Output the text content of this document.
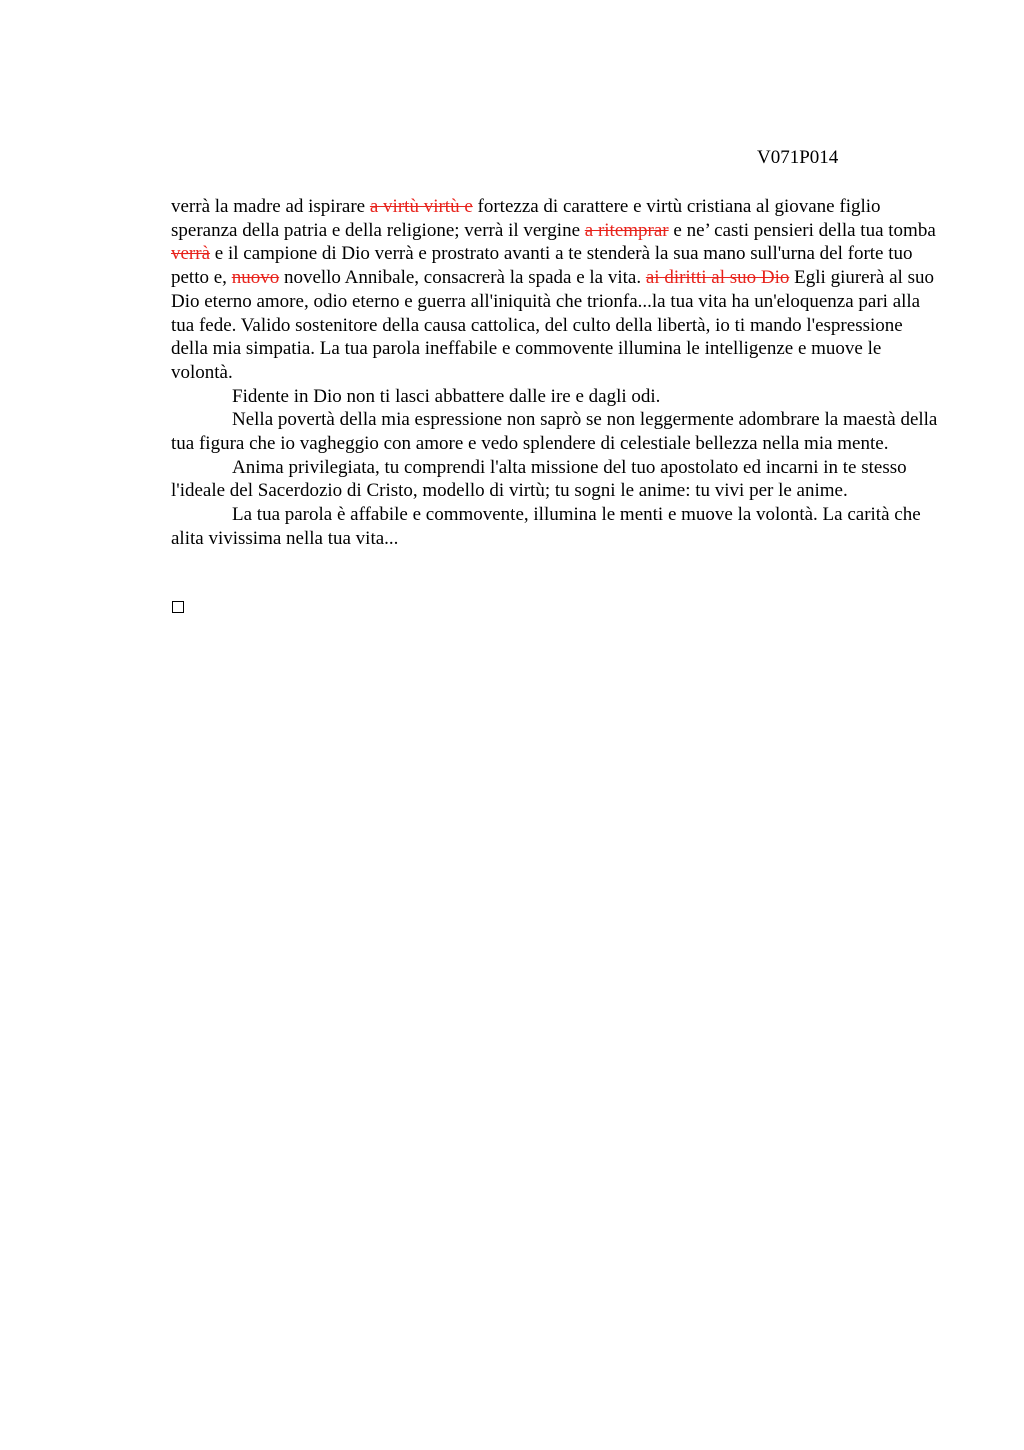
V071P014

verrà la madre ad ispirare a virtù virtù e fortezza di carattere e virtù cristiana al giovane figlio speranza della patria e della religione; verrà il vergine a ritemprar e ne’ casti pensieri della tua tomba verrà e il campione di Dio verrà e prostrato avanti a te stenderà la sua mano sull'urna del forte tuo petto e, nuovo novello Annibale, consacrerà la spada e la vita. ai diritti al suo Dio Egli giurerà al suo Dio eterno amore, odio eterno e guerra all'iniquità che trionfa...la tua vita ha un'eloquenza pari alla tua fede. Valido sostenitore della causa cattolica, del culto della libertà, io ti mando l'espressione della mia simpatia. La tua parola ineffabile e commovente illumina le intelligenze e muove le volontà.

Fidente in Dio non ti lasci abbattere dalle ire e dagli odi.

Nella povertà della mia espressione non saprò se non leggermente adombrare la maestà della tua figura che io vagheggio con amore e vedo splendere di celestiale bellezza nella mia mente.

Anima privilegiata, tu comprendi l'alta missione del tuo apostolato ed incarni in te stesso l'ideale del Sacerdozio di Cristo, modello di virtù; tu sogni le anime: tu vivi per le anime.

La tua parola è affabile e commovente, illumina le menti e muove la volontà. La carità che alita vivissima nella tua vita...
